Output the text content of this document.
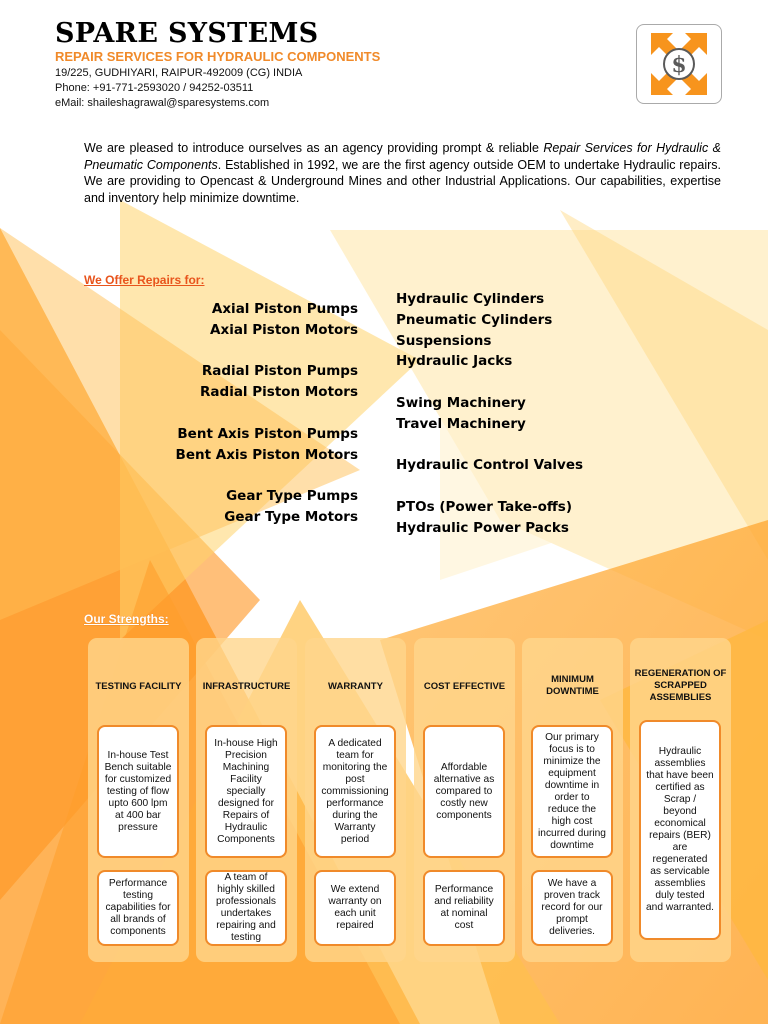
SPARE SYSTEMS
REPAIR SERVICES FOR HYDRAULIC COMPONENTS
19/225, GUDHIYARI, RAIPUR-492009 (CG) INDIA
Phone: +91-771-2593020 / 94252-03511
eMail: shaileshagrawal@sparesystems.com
$
We are pleased to introduce ourselves as an agency providing prompt & reliable Repair Services for Hydraulic & Pneumatic Components. Established in 1992, we are the first agency outside OEM to undertake Hydraulic repairs. We are providing to Opencast & Underground Mines and other Industrial Applications. Our capabilities, expertise and inventory help minimize downtime.
We Offer Repairs for:
Axial Piston Pumps
Axial Piston Motors
Radial Piston Pumps
Radial Piston Motors
Bent Axis Piston Pumps
Bent Axis Piston Motors
Gear Type Pumps
Gear Type Motors
Hydraulic Cylinders
Pneumatic Cylinders
Suspensions
Hydraulic Jacks
Swing Machinery
Travel Machinery
Hydraulic Control Valves
PTOs (Power Take-offs)
Hydraulic Power Packs
Our Strengths:
TESTING FACILITY
In-house Test Bench suitable for customized testing of flow upto 600 lpm at 400 bar pressure
Performance testing capabilities for all brands of components
INFRASTRUCTURE
In-house High Precision Machining Facility specially designed for Repairs of Hydraulic Components
A team of highly skilled professionals undertakes repairing and testing
WARRANTY
A dedicated team for monitoring the post commissioning performance during the Warranty period
We extend warranty on each unit repaired
COST EFFECTIVE
Affordable alternative as compared to costly new components
Performance and reliability at nominal cost
MINIMUM DOWNTIME
Our primary focus is to minimize the equipment downtime in order to reduce the high cost incurred during downtime
We have a proven track record for our prompt deliveries.
REGENERATION OF SCRAPPED ASSEMBLIES
Hydraulic assemblies that have been certified as Scrap / beyond economical repairs (BER) are regenerated as servicable assemblies duly tested and warranted.
